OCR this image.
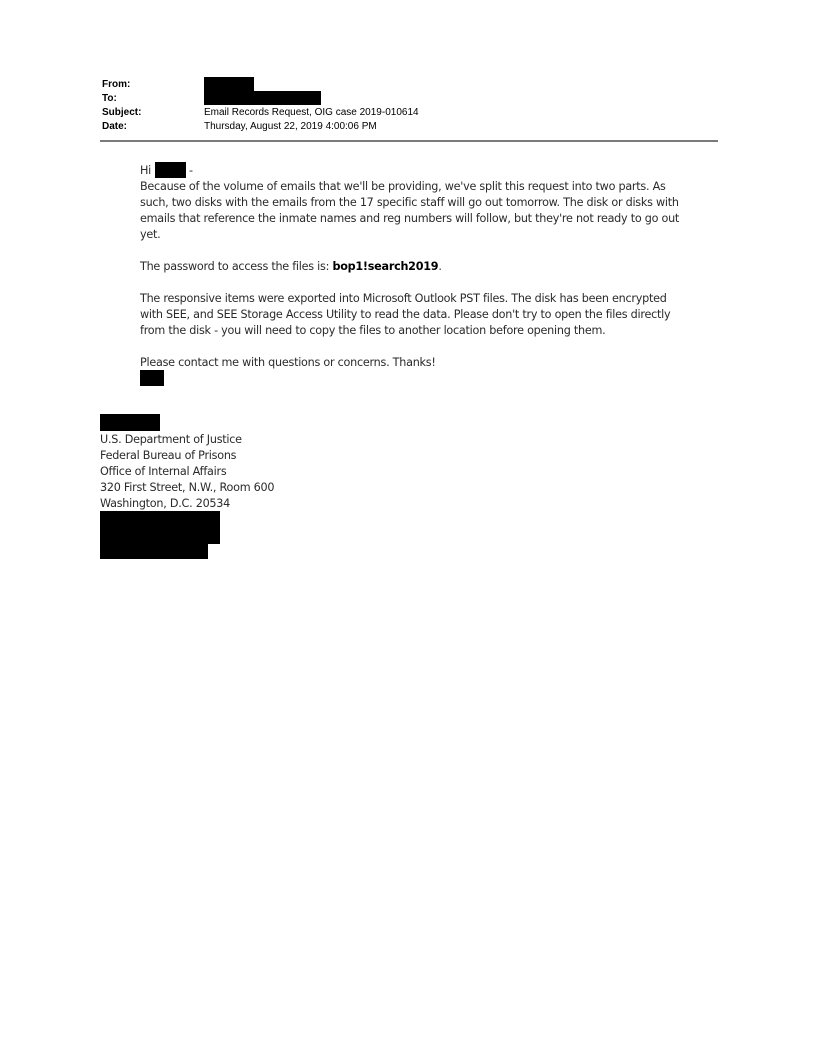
From:
To:
Subject:	Email Records Request, OIG case 2019-010614
Date:	Thursday, August 22, 2019 4:00:06 PM
Hi	-
Because of the volume of emails that we'll be providing, we've split this request into two parts. As such, two disks with the emails from the 17 specific staff will go out tomorrow. The disk or disks with emails that reference the inmate names and reg numbers will follow, but they're not ready to go out yet.
The password to access the files is: bop1!search2019.
The responsive items were exported into Microsoft Outlook PST files. The disk has been encrypted with SEE, and SEE Storage Access Utility to read the data. Please don't try to open the files directly from the disk - you will need to copy the files to another location before opening them.
Please contact me with questions or concerns. Thanks!
U.S. Department of Justice
Federal Bureau of Prisons
Office of Internal Affairs
320 First Street, N.W., Room 600
Washington, D.C. 20534
